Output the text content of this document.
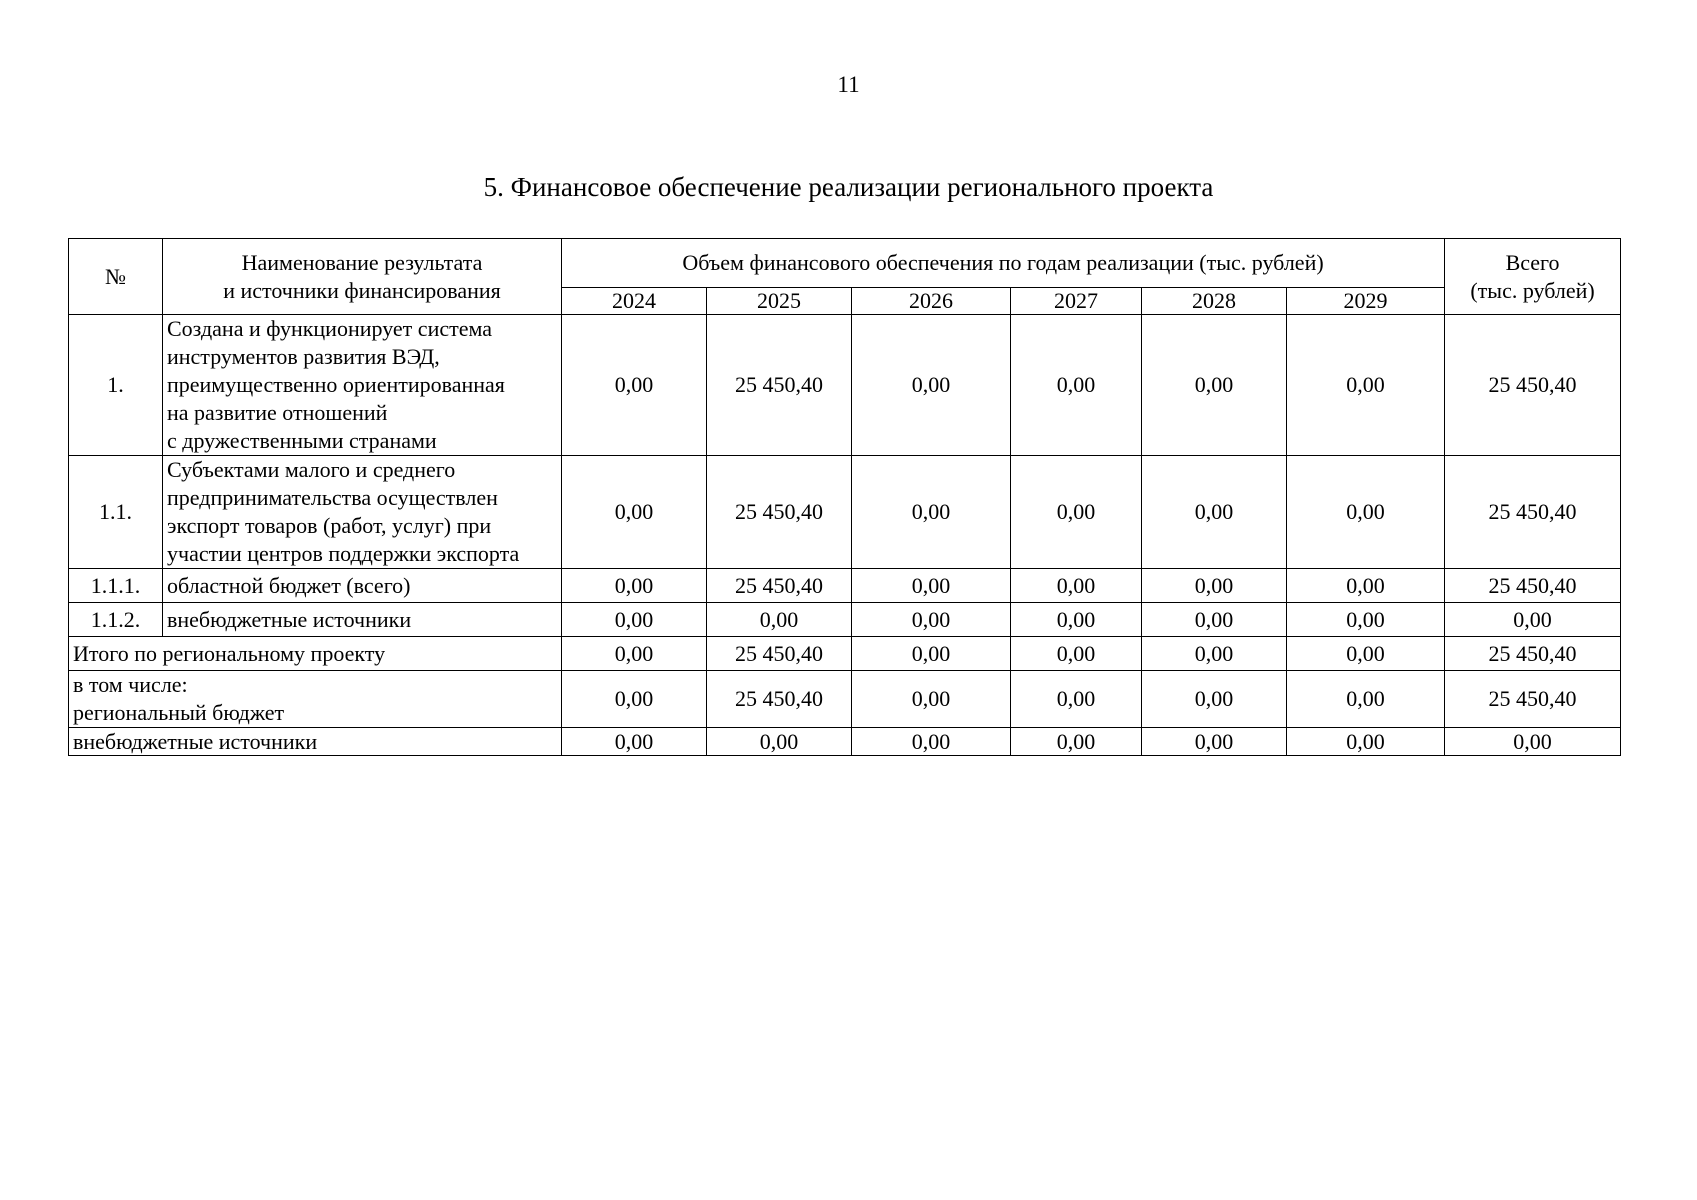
11
5. Финансовое обеспечение реализации регионального проекта
№	Наименование результата
и источники финансирования	Объем финансового обеспечения по годам реализации (тыс. рублей)						Всего
(тыс. рублей)
		2024	2025	2026	2027	2028	2029	
1.	Создана и функционирует система
инструментов развития ВЭД,
преимущественно ориентированная
на развитие отношений
с дружественными странами	0,00	25 450,40	0,00	0,00	0,00	0,00	25 450,40
1.1.	Субъектами малого и среднего
предпринимательства осуществлен
экспорт товаров (работ, услуг) при
участии центров поддержки экспорта	0,00	25 450,40	0,00	0,00	0,00	0,00	25 450,40
1.1.1.	областной бюджет (всего)	0,00	25 450,40	0,00	0,00	0,00	0,00	25 450,40
1.1.2.	внебюджетные источники	0,00	0,00	0,00	0,00	0,00	0,00	0,00
Итого по региональному проекту		0,00	25 450,40	0,00	0,00	0,00	0,00	25 450,40
в том числе:
региональный бюджет		0,00	25 450,40	0,00	0,00	0,00	0,00	25 450,40
внебюджетные источники		0,00	0,00	0,00	0,00	0,00	0,00	0,00
